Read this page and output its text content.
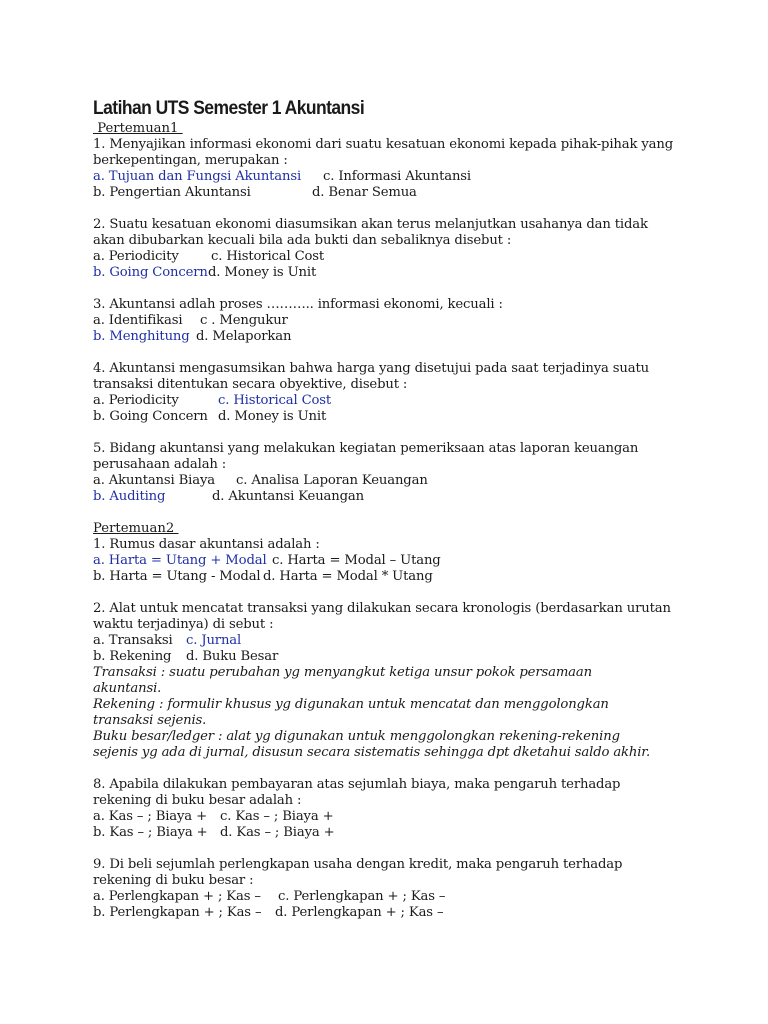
Latihan UTS Semester 1 Akuntansi
Pertemuan1
1. Menyajikan informasi ekonomi dari suatu kesatuan ekonomi kepada pihak-pihak yang
berkepentingan, merupakan :
a. Tujuan dan Fungsi Akuntansi c. Informasi Akuntansi
b. Pengertian Akuntansi	d. Benar Semua
2. Suatu kesatuan ekonomi diasumsikan akan terus melanjutkan usahanya dan tidak
akan dibubarkan kecuali bila ada bukti dan sebaliknya disebut :
a. Periodicity c. Historical Cost
b. Going Concernd. Money is Unit
3. Akuntansi adlah proses ……….. informasi ekonomi, kecuali :
a. Identifikasi c . Mengukur
b. Menghitung d. Melaporkan
4. Akuntansi mengasumsikan bahwa harga yang disetujui pada saat terjadinya suatu
transaksi ditentukan secara obyektive, disebut :
a. Periodicity	c. Historical Cost
b. Going Concern d. Money is Unit
5. Bidang akuntansi yang melakukan kegiatan pemeriksaan atas laporan keuangan
perusahaan adalah :
a. Akuntansi Biaya c. Analisa Laporan Keuangan
b. Auditing	d. Akuntansi Keuangan
Pertemuan2
1. Rumus dasar akuntansi adalah :
a. Harta = Utang + Modal c. Harta = Modal – Utang
b. Harta = Utang - Modal d. Harta = Modal * Utang
2. Alat untuk mencatat transaksi yang dilakukan secara kronologis (berdasarkan urutan
waktu terjadinya) di sebut :
a. Transaksi c. Jurnal
b. Rekening d. Buku Besar
Transaksi : suatu perubahan yg menyangkut ketiga unsur pokok persamaan
akuntansi.
Rekening : formulir khusus yg digunakan untuk mencatat dan menggolongkan
transaksi sejenis.
Buku besar/ledger : alat yg digunakan untuk menggolongkan rekening-rekening
sejenis yg ada di jurnal, disusun secara sistematis sehingga dpt dketahui saldo akhir.
8. Apabila dilakukan pembayaran atas sejumlah biaya, maka pengaruh terhadap
rekening di buku besar adalah :
a. Kas – ; Biaya + c. Kas – ; Biaya +
b. Kas – ; Biaya + d. Kas – ; Biaya +
9. Di beli sejumlah perlengkapan usaha dengan kredit, maka pengaruh terhadap
rekening di buku besar :
a. Perlengkapan + ; Kas – c. Perlengkapan + ; Kas –
b. Perlengkapan + ; Kas – d. Perlengkapan + ; Kas –
